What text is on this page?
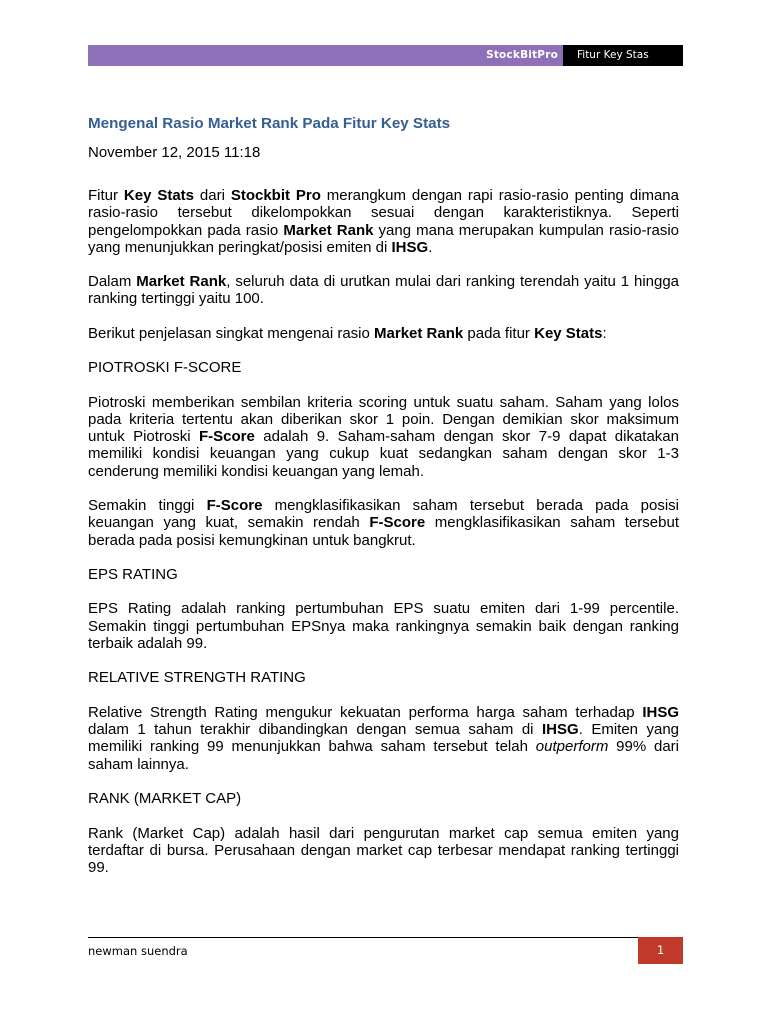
StockBitPro	Fitur Key Stas
Mengenal Rasio Market Rank Pada Fitur Key Stats
November 12, 2015 11:18

Fitur Key Stats dari Stockbit Pro merangkum dengan rapi rasio-rasio penting dimana rasio-rasio tersebut dikelompokkan sesuai dengan karakteristiknya. Seperti pengelompokkan pada rasio Market Rank yang mana merupakan kumpulan rasio-rasio yang menunjukkan peringkat/posisi emiten di IHSG.

Dalam Market Rank, seluruh data di urutkan mulai dari ranking terendah yaitu 1 hingga ranking tertinggi yaitu 100.

Berikut penjelasan singkat mengenai rasio Market Rank pada fitur Key Stats:

PIOTROSKI F-SCORE

Piotroski memberikan sembilan kriteria scoring untuk suatu saham. Saham yang lolos pada kriteria tertentu akan diberikan skor 1 poin. Dengan demikian skor maksimum untuk Piotroski F-Score adalah 9. Saham-saham dengan skor 7-9 dapat dikatakan memiliki kondisi keuangan yang cukup kuat sedangkan saham dengan skor 1-3 cenderung memiliki kondisi keuangan yang lemah.

Semakin tinggi F-Score mengklasifikasikan saham tersebut berada pada posisi keuangan yang kuat, semakin rendah F-Score mengklasifikasikan saham tersebut berada pada posisi kemungkinan untuk bangkrut.

EPS RATING

EPS Rating adalah ranking pertumbuhan EPS suatu emiten dari 1-99 percentile. Semakin tinggi pertumbuhan EPSnya maka rankingnya semakin baik dengan ranking terbaik adalah 99.

RELATIVE STRENGTH RATING

Relative Strength Rating mengukur kekuatan performa harga saham terhadap IHSG dalam 1 tahun terakhir dibandingkan dengan semua saham di IHSG. Emiten yang memiliki ranking 99 menunjukkan bahwa saham tersebut telah outperform 99% dari saham lainnya.

RANK (MARKET CAP)

Rank (Market Cap) adalah hasil dari pengurutan market cap semua emiten yang terdaftar di bursa. Perusahaan dengan market cap terbesar mendapat ranking tertinggi 99.

newman suendra	1
